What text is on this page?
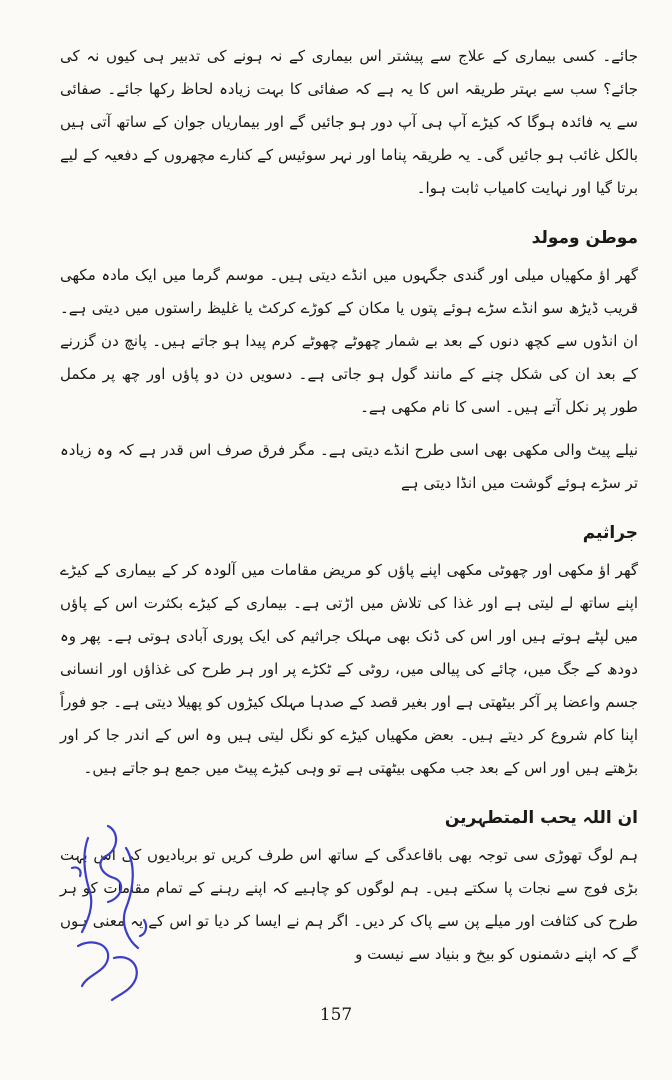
جائے۔ کسی بیماری کے علاج سے پیشتر اس بیماری کے نہ ہونے کی تدبیر ہی کیوں نہ کی جائے؟ سب سے بہتر طریقہ اس کا یہ ہے کہ صفائی کا بہت زیادہ لحاظ رکھا جائے۔ صفائی سے یہ فائدہ ہوگا کہ کیڑے آپ ہی آپ دور ہو جائیں گے اور بیماریاں جوان کے ساتھ آتی ہیں بالکل غائب ہو جائیں گی۔ یہ طریقہ پناما اور نہر سوئیس کے کنارے مچھروں کے دفعیہ کے لیے برتا گیا اور نہایت کامیاب ثابت ہوا۔

موطن ومولد

گھر اؤ مکھیاں میلی اور گندی جگہوں میں انڈے دیتی ہیں۔ موسم گرما میں ایک مادہ مکھی قریب ڈیڑھ سو انڈے سڑے ہوئے پتوں یا مکان کے کوڑے کرکٹ یا غلیظ راستوں میں دیتی ہے۔ ان انڈوں سے کچھ دنوں کے بعد بے شمار چھوٹے چھوٹے کرم پیدا ہو جاتے ہیں۔ پانچ دن گزرنے کے بعد ان کی شکل چنے کے مانند گول ہو جاتی ہے۔ دسویں دن دو پاؤں اور چھ پر مکمل طور پر نکل آتے ہیں۔ اسی کا نام مکھی ہے۔

نیلے پیٹ والی مکھی بھی اسی طرح انڈے دیتی ہے۔ مگر فرق صرف اس قدر ہے کہ وہ زیادہ تر سڑے ہوئے گوشت میں انڈا دیتی ہے

جراثیم

گھر اؤ مکھی اور چھوٹی مکھی اپنے پاؤں کو مریض مقامات میں آلودہ کر کے بیماری کے کیڑے اپنے ساتھ لے لیتی ہے اور غذا کی تلاش میں اڑتی ہے۔ بیماری کے کیڑے بکثرت اس کے پاؤں میں لپٹے ہوتے ہیں اور اس کی ڈنک بھی مہلک جراثیم کی ایک پوری آبادی ہوتی ہے۔ پھر وہ دودھ کے جگ میں، چائے کی پیالی میں، روٹی کے ٹکڑے پر اور ہر طرح کی غذاؤں اور انسانی جسم واعضا پر آکر بیٹھتی ہے اور بغیر قصد کے صدہا مہلک کیڑوں کو پھیلا دیتی ہے۔ جو فوراً اپنا کام شروع کر دیتے ہیں۔ بعض مکھیاں کیڑے کو نگل لیتی ہیں وہ اس کے اندر جا کر اور بڑھتے ہیں اور اس کے بعد جب مکھی بیٹھتی ہے تو وہی کیڑے پیٹ میں جمع ہو جاتے ہیں۔

ان اللہ یحب المتطہرین

ہم لوگ تھوڑی سی توجہ بھی باقاعدگی کے ساتھ اس طرف کریں تو بربادیوں کی اس بہت بڑی فوج سے نجات پا سکتے ہیں۔ ہم لوگوں کو چاہیے کہ اپنے رہنے کے تمام مقامات کو ہر طرح کی کثافت اور میلے پن سے پاک کر دیں۔ اگر ہم نے ایسا کر دیا تو اس کے یہ معنی ہوں گے کہ اپنے دشمنوں کو بیخ و بنیاد سے نیست و

157
